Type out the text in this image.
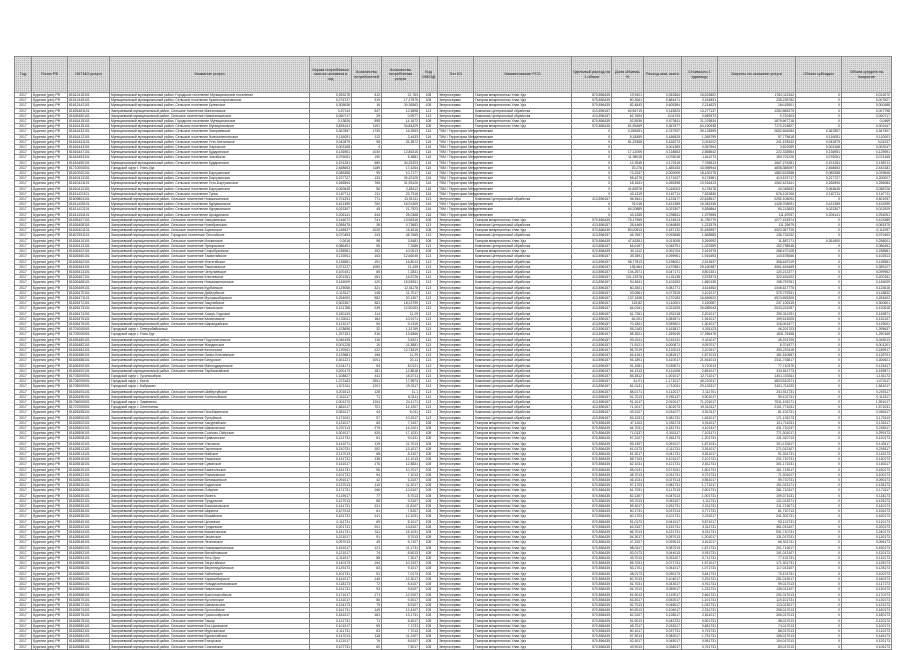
Год	Почта РФ	ОКТМО услуги	Название услуги	Норма потребления газа на человека в год	Количество потребителей	Количество потребления услуги	Код ОКВЭД	Тип КЭ	Наименование РСО	Удельный расход на 1 объем	Доля объема, %	Расход газа, всего	Стоимость 1 единицы	Затраты на оказание услуги	Объем субсидии	Объем средств на покрытие
2017	Бурятия (рес) РФ	81612415101	Муниципальный муниципальный район, Городское поселение Муниципальное поселение	0,253278	512	21,763	108	Энергосервис	Газпром межрегионгаз Улан-Удэ	870,856435	19,9421	0,352564	15,523802	1764,112342	0	0,013070
2017	Бурятия (рес) РФ	81612445101	Муниципальный муниципальный район, Сельское поселение Краснопартизанское	0,276727	319	17,27875	108	Энергосервис	Газпром межрегионгаз Улан-Удэ	575,856435	80,3061	0,884471	3,164831	235,225782	0	0,007827
2017	Бурятия (рес) РФ	81612442101	Муниципальный муниципальный район, Сельское поселение Кулинское	0,305636	16	30,36563	108	Энергосервис	Газпром межрегионгаз Улан-Удэ	570,856435	82,4843	0,605384	2,214623	164,62601	0	0,000488
2017	Бурятия (рес) РФ	81626481101	Заиграевский муниципальный район, Сельское поселение Малоновское	0,20744	547	12,5898	113	Энергосервис	Компания Центральный обработка	413,896157	60,56719	0,145523	13,277137	1252,585379	0	0,007798
2017	Бурятия (рес) РФ	81626482101	Заиграевский муниципальный район, Сельское поселение Нижнеильинское	0,060717	29	0,9977	113	Энергосервис	Компания Центральный обработка	413,896157	62,7694	0,04703	0,699373	0,720403	0	0,000717
2017	Бурятия (рес) РФ	81616415101	Муниципальный муниципальный район, Городское поселение Муниципальное	0,13826	898	14,1672	108	Энергосервис	Газпром межрегионгаз Улан-Удэ	870,856435	52,5536	0,573611	21,376834	1879,667718	0	0,0469
2017	Бурятия (рес) РФ	81616415101	Муниципальный муниципальный район, Сельское поселение Муниципальное	0,835141	1191	34,84329	108	Энергосервис	Газпром межрегионгаз Улан-Удэ	570,856435	61,95469	0,367677	54,150938	7170,215827	0	0,002447
2017	Бурятия (рес) РФ	81616432101	Муниципальный муниципальный район, Сельское поселение Заиграевское	0,367857	1730	16,3593	116	ТКМ / Территории Менделеевские		0	0,258451	0,767937	35,133599	2652,606284	0,367857	0,347907
2017	Бурятия (рес) РФ	81616412101	Муниципальный муниципальный район, Сельское поселение Новоселенгинское	0,116051	112	2,4433	116	ТКМ / Территории Менделеевские		0	5,18459	0,166525	1,268799	57,775618	0,116051	0,110001
2017	Бурятия (рес) РФ	81616441101	Муниципальный муниципальный район, Сельское поселение Усть-Кяхтинское	0,042879	98	34,3872	116	ТКМ / Территории Менделеевские		0	61,29358	0,426273	2,024022	241,578432	0,042879	0,04237
2017	Бурятия (рес) РФ	81616443101	Муниципальный муниципальный район, Сельское поселение Харьяское	0,003168	4		116	ТКМ / Территории Менделеевские		0		0,001369	0,057504	3,622059	0,003168	0,003247
2017	Бурятия (рес) РФ	81616447101	Муниципальный муниципальный район, Сельское поселение Кударинское	0,136951	1030	12,86315	116	ТКМ / Территории Менделеевские		0	17,12009	0,118653	2,558642	222,333954	0,136951	0,129591
2017	Бурятия (рес) РФ	81616453101	Муниципальный муниципальный район, Сельское поселение Чикойское	0,076051	190	8,3881	116	ТКМ / Территории Менделеевские		0	11,98018	0,076018	1,611273	183,701226	0,076051	0,074165
2017	Бурятия (рес) РФ	81616450101	Муниципальный муниципальный район, Сельское поселение Кударинское	0,191281	580	34,25323	116	ТКМ / Территории Менделеевские		0	12,2545	0,170115	7,768513	1667,276281	0,191281	0,158711
2017	Бурятия (рес) РФ	81710000001	Городской округ г. Улан-Удэ	2,468653	1189	17,4264	116	ТКМ / Территории Менделеевские		0	20,276	1,485153	43,989944	4808,388097	2,468653	2,443181
2017	Бурятия (рес) РФ	81610000101	Муниципальный муниципальный район, Сельское поселение Баргузинское	0,085358	99	10,7177	116	ТКМ / Территории Менделеевские		0	73,2337	0,000009	18,430178	1882,615958	0,085358	0,029846
2017	Бурятия (рес) РФ	81610413101	Муниципальный муниципальный район, Сельское поселение Баргузинское	0,227727	133	30,20125	116	ТКМ / Территории Менделеевские		0	98,4275	0,171027	5,174981	413,674717	0,227727	0,200027
2017	Бурятия (рес) РФ	81610421101	Муниципальный муниципальный район, Сельское поселение Усть-Баргузинское	0,266594	765	31,95126	116	ТКМ / Территории Менделеевские		0	18,1541	0,265398	10,916413	1062,423441	0,266594	0,256084
2017	Бурятия (рес) РФ	81610412101	Муниципальный муниципальный район, Сельское поселение Баргузинское	0,063645	56	2,85112	116	ТКМ / Территории Менделеевские		0	41,89978	0,016003	0,178478	40,045632	0,063645	0,058726
2017	Бурятия (рес) РФ	81611421101	Муниципальный муниципальный район, Сельское поселение Тунка	0,167711	211	23,7316	116	ТКМ / Территории Менделеевские		0	43,1319	0,167711	7,533836	676,104766	0,167711	0,167711
2017	Бурятия (рес) РФ	81609804101	Заиграевский муниципальный район, Сельское поселение Новоильинское	0,701291	771	13,91211	113	Энергосервис	Компания Центральный обработка	413,896157	56,5611	0,122677	22,828517	2250,108094	0	0,501097
2017	Бурятия (рес) РФ	81611425101	Муниципальный муниципальный район, Сельское поселение Курумканское	0,421359	760	16,91309	116	ТКМ / Территории Менделеевские		0	76,018	0,421359	15,381335	1428,708091	0,421359	0,419299
2017	Бурятия (рес) РФ	81611412101	Муниципальный муниципальный район, Сельское поселение Курумканское	0,023307	45	21,7923	116	ТКМ / Территории Менделеевские		0	64,20889	0,023307	0,836864	80,213833	0,023307	0,022929
2017	Бурятия (рес) РФ	81611434101	Муниципальный муниципальный район, Сельское поселение Аргадинское	0,206141	444	25,0368	116	ТКМ / Территории Менделеевские		0	43,1265	0,298511	1,379955	111,67097	0,206141	0,254051
2017	Бурятия (рес) РФ	81626407101	Заиграевский муниципальный район, Сельское поселение Заиграевское	0,146072	741	13,96316	108	Энергосервис	Газпром межрегионгаз Улан-Удэ	570,856435	75,17965	0,124513	11,789779	1077,193374	0	0,103389
2017	Бурятия (рес) РФ	81626408101	Заиграевский муниципальный район, Сельское поселение Новобрянское	0,088475	38	4,73653	113	Энергосервис	Компания Центральный обработка	413,896157	28,4465	0,046859	1,223379	111,29679	0	0,083375
2017	Бурятия (рес) РФ	81626401101	Заиграевский муниципальный район, Сельское поселение Ацагатское	0,148927	1025	16,8116	108	Энергосервис	Газпром межрегионгаз Улан-Удэ	570,856435	80,00813	0,187132	31,653957	4003,357725	0	0,111097
2017	Бурятия (рес) РФ	81607551101	Заиграевский муниципальный район, Городское поселение Онохойское	0,070493	143	48,7665	113	Энергосервис	Компания Центральный обработка	413,896157	46,7697	0,093658	1,568585	136,731232	0	0,070493
2017	Бурятия (рес) РФ	81626410101	Заиграевский муниципальный район, Сельское поселение Илькинское	0,2616	98	3,5481	108	Энергосервис	Газпром межрегионгаз Улан-Удэ	570,856435	47,53351	0,013008	0,269092	11,887171	0,261600	0,258001
2017	Бурятия (рес) РФ	81626413101	Заиграевский муниципальный район, Сельское поселение Эрхирикское	0,086451	55	7,3486	113	Энергосервис	Компания Центральный обработка	413,896157	64,6157	0,048791	1,023359	152,798548	0	0,086451
2017	Бурятия (рес) РФ	81626402101	Заиграевский муниципальный район, Сельское поселение Старобрянское	0,238981	152	10,0513	108	Энергосервис	Газпром межрегионгаз Улан-Удэ	570,856435	30,1112	0,092704	2,161975	268,470128	0	0,238981
2017	Бурятия (рес) РФ	81626460101	Заиграевский муниципальный район, Сельское поселение Тамахтайское	0,103911	153	12,66045	113	Энергосервис	Компания Центральный обработка	413,896157	39,3591	0,099961	1,916493	143,678066	0	0,102513
2017	Бурятия (рес) РФ	81626462101	Заиграевский муниципальный район, Сельское поселение Унэгэтэйское	0,135551	191	16,8013	113	Энергосервис	Компания Центральный обработка	413,896157	58,77813	0,198001	2,913637	308,467219	0	0,135551
2017	Бурятия (рес) РФ	81626464101	Заиграевский муниципальный район, Сельское поселение Ташеланское	0,371227	1050	21,435	113	Энергосервис	Компания Центральный обработка	413,896157	135,564	0,470581	25,160387	3061,616465	0	0,359127
2017	Бурятия (рес) РФ	81626413101	Заиграевский муниципальный район, Сельское поселение Челутаевское	0,100151	65	7,2831	113	Энергосервис	Компания Центральный обработка	413,896157	104,2571	0,047171	0,801301	120,212377	0	0,099952
2017	Бурятия (рес) РФ	81626467101	Заиграевский муниципальный район, Сельское поселение Ключевское	0,201261	181	14,5726	113	Энергосервис	Компания Центральный обработка	413,896157	101,47678	0,101138	2,578373	320,461002	0	0,200151
2017	Бурятия (рес) РФ	81626468101	Заиграевский муниципальный район, Сельское поселение Новокижингинское	0,145009	120	15,53931	113	Энергосервис	Компания Центральный обработка	413,896157	54,5611	0,102053	1,650135	198,757051	0	0,145009
2017	Бурятия (рес) РФ	81626469101	Заиграевский муниципальный район, Сельское поселение Курбинское	0,125056	321	12,01178	113	Энергосервис	Компания Центральный обработка	413,896157	60,2601	0,081771	3,514553	1045,617775	0	0,123616
2017	Бурятия (рес) РФ	81626470101	Заиграевский муниципальный район, Сельское поселение Дабатуйское	0,119117	148	11,7017	113	Энергосервис	Компания Центральный обработка	413,896157	33,0961	0,077619	2,101217	379,797531	0	0,118832
2017	Бурятия (рес) РФ	81626471101	Заиграевский муниципальный район, Сельское поселение Мухоршибирское	0,254000	582	20,1307	113	Энергосервис	Компания Центральный обработка	413,896157	137,2408	0,270183	16,846922	4913,695305	0	0,253402
2017	Бурятия (рес) РФ	81626472101	Заиграевский муниципальный район, Сельское поселение Закулейское	0,302367	381	18,23799	113	Энергосервис	Компания Центральный обработка	413,896157	115,82	0,110001	2,150087	237,100315	0	0,300601
2017	Бурятия (рес) РФ	81626473101	Заиграевский муниципальный район, Сельское поселение Никольское	0,121788	239	12,50153	113	Энергосервис	Компания Центральный обработка	413,896157	64,0161	0,021525	26,689043	2043,231057	0	0,120518
2017	Бурятия (рес) РФ	81626474101	Заиграевский муниципальный район, Сельское поселение Хошун-Узурское	0,150133	114	11,29	113	Энергосервис	Компания Центральный обработка	413,896157	61,7261	0,092118	2,201017	250,311291	0	0,149871
2017	Бурятия (рес) РФ	81626475101	Заиграевский муниципальный район, Сельское поселение Калиновское	0,133011	184	10,9171	113	Энергосервис	Компания Центральный обработка	413,896157	62,001	0,083571	1,941017	199,513005	0	0,132107
2017	Бурятия (рес) РФ	81626476101	Заиграевский муниципальный район, Сельское поселение Шаралдайское	0,121017	94	9,1315	113	Энергосервис	Компания Центральный обработка	413,896157	70,1801	0,059521	1,301017	116,001577	0	0,119001
2017	Бурятия (рес) РФ	81701000001	Городской округ г. Северобайкальск	1,478698	32	1,31769	113	Энергосервис	Компания Центральный обработка	413,896157	55,2163	0,163817	0,301123	46,201703	0	1,399637
2017	Бурятия (рес) РФ	81702000001	Городской округ г. Улан-Удэ	1,297151	316	13,6566	113	Энергосервис	Компания Центральный обработка	413,896157	58,3521	1,269049	17,356476	1831,76458	0	1,290165
2017	Бурятия (рес) РФ	81626480101	Заиграевский муниципальный район, Сельское поселение Подлопатинское	0,046195	116	3,5421	113	Энергосервис	Компания Центральный обработка	413,896157	50,2411	0,016131	0,411017	45,201705	0	0,045013
2017	Бурятия (рес) РФ	81626482101	Заиграевский муниципальный район, Сельское поселение Жиндинское	0,001228	10	11,3881	113	Энергосервис	Компания Центральный обработка	413,896157	71,9121	0,000871	0,097017	8,701577	0	0,001201
2017	Бурятия (рес) РФ	81626484101	Заиграевский муниципальный район, Сельское поселение Кяхтинское	0,190911	122	12,74819	113	Энергосервис	Компания Центральный обработка	413,896157	56,7019	0,120013	2,101517	250,203118	0	0,189917
2017	Бурятия (рес) РФ	81626486101	Заиграевский муниципальный район, Сельское поселение Окино-Ключевское	0,129681	156	11,29	113	Энергосервис	Компания Центральный обработка	413,896157	64,4161	0,081517	1,871013	181,510557	0	0,128701
2017	Бурятия (рес) РФ	81626488101	Заиграевский муниципальный район, Сельское поселение Бичурское	0,301221	1001	20,11	113	Энергосервис	Компания Центральный обработка	413,896157	94,1891	0,410017	21,561013	2311,703817	0	0,300621
2017	Бурятия (рес) РФ	81626490101	Заиграевский муниципальный район, Сельское поселение Малокударинское	0,124171	54	8,0121	113	Энергосервис	Компания Центральный обработка	413,896157	51,1081	0,039071	0,710013	77,710375	0	0,123417
2017	Бурятия (рес) РФ	81626492101	Заиграевский муниципальный район, Сельское поселение Тарбагатайское	0,200173	181	12,8818	113	Энергосервис	Компания Центральный обработка	413,896157	54,1313	0,131008	2,891017	310,511773	0	0,199871
2017	Бурятия (рес) РФ	81703000001	Городской округ г. Гусиноозёрск	1,108627	411	16,0711	113	Энергосервис	Компания Центральный обработка	413,896157	65,2812	1,001017	12,711017	1401,103311	0	1,101173
2017	Бурятия (рес) РФ	81704000001	Городской округ г. Кяхта	1,073163	2501	17,9873	113	Энергосервис	Компания Центральный обработка	413,896157	61,01	1,171017	45,210017	4803,510371	0	1,070117
2017	Бурятия (рес) РФ	81705000001	Городской округ г. Бабушкин	1,571011	1201	19,3117	113	Энергосервис	Компания Центральный обработка	413,896157	81,0131	1,710011	29,102317	3101,711033	0	1,561017
2017	Бурятия (рес) РФ	81626494101	Заиграевский муниципальный район, Сельское поселение Шибертуйское	0,201513	128	11,1	113	Энергосервис	Компания Центральный обработка	413,896157	58,0171	0,112017	2,111701	241,511731	0	0,200117
2017	Бурятия (рес) РФ	81626496101	Заиграевский муниципальный район, Сельское поселение Хонхолойское	0,111017	71	8,3111	113	Энергосервис	Компания Центральный обработка	413,896157	51,7013	0,051137	0,901017	99,101731	0	0,110117
2017	Бурятия (рес) РФ	81706000001	Городской округ г. Закаменск	2,001273	1911	24,1171	113	Энергосервис	Компания Центральный обработка	413,896157	91,1017	2,010017	71,201017	7511,103171	0	1,991017
2017	Бурятия (рес) РФ	81707000001	Городской округ г. Селенгинск	1,581017	701	14,1007	113	Энергосервис	Компания Центральный обработка	413,896157	71,2017	1,501073	19,310117	2101,771031	0	1,571031
2017	Бурятия (рес) РФ	81626498101	Заиграевский муниципальный район, Сельское поселение Гильбиринское	0,081017	44	6,011	113	Энергосервис	Компания Центральный обработка	413,896157	49,3107	0,031077	0,510117	61,101731	0	0,080117
2017	Бурятия (рес) РФ	81626500101	Заиграевский муниципальный район, Сельское поселение Тугнуйское	0,171031	97	10,2017	113	Энергосервис	Компания Центральный обработка	413,896157	53,1031	0,081731	1,631017	171,103173	0	0,170113
2017	Бурятия (рес) РФ	81626502101	Заиграевский муниципальный район, Сельское поселение Хасуртайское	0,131017	60	7,3107	108	Энергосервис	Газпром межрегионгаз Улан-Удэ	570,856435	47,1103	0,051173	0,911017	101,711031	0	0,130117
2017	Бурятия (рес) РФ	81626504101	Заиграевский муниципальный район, Сельское поселение Шанагинское	0,207113	275	14,3101	108	Энергосервис	Газпром межрегионгаз Улан-Удэ	570,856435	64,7031	0,181731	4,101317	431,710137	0	0,205117
2017	Бурятия (рес) РФ	81626506101	Заиграевский муниципальный район, Сельское поселение Сосново-Озёрское	0,301017	420	17,1031	108	Энергосервис	Газпром межрегионгаз Улан-Удэ	570,856435	71,0137	0,301117	7,103171	771,301017	0	0,299173
2017	Бурятия (рес) РФ	81626508101	Заиграевский муниципальный район, Сельское поселение Еравнинское	0,121731	81	9,0131	108	Энергосервис	Газпром межрегионгаз Улан-Удэ	570,856435	57,3107	0,061173	1,201731	131,010713	0	0,120173
2017	Бурятия (рес) РФ	81626510101	Заиграевский муниципальный район, Сельское поселение Улюнское	0,141071	119	11,7013	108	Энергосервис	Газпром межрегионгаз Улан-Удэ	570,856435	59,1307	0,091017	1,871031	201,103117	0	0,140117
2017	Бурятия (рес) РФ	81626512101	Заиграевский муниципальный район, Сельское поселение Гаргинское	0,210731	152	13,1017	108	Энергосервис	Газпром межрегионгаз Улан-Удэ	570,856435	61,0173	0,111731	2,511017	271,013107	0	0,209117
2017	Бурятия (рес) РФ	81626514101	Заиграевский муниципальный район, Сельское поселение Майское	0,117013	68	8,3107	108	Энергосервис	Газпром межрегионгаз Улан-Удэ	570,856435	51,3017	0,041731	0,811017	91,301731	0	0,116173
2017	Бурятия (рес) РФ	81626516101	Заиграевский муниципальный район, Сельское поселение Уаканское	0,131731	138	12,1013	108	Энергосервис	Газпром межрегионгаз Улан-Удэ	570,856435	58,7103	0,101017	2,101731	231,710731	0	0,130173
2017	Бурятия (рес) РФ	81626518101	Заиграевский муниципальный район, Сельское поселение Сувинское	0,161017	176	12,8831	108	Энергосервис	Газпром межрегионгаз Улан-Удэ	570,856435	62,1031	0,121731	2,811731	301,171031	0	0,160117
2017	Бурятия (рес) РФ	81626520101	Заиграевский муниципальный район, Сельское поселение Баянгольское	0,151731	96	10,7017	108	Энергосервис	Газпром межрегионгаз Улан-Удэ	570,856435	55,0131	0,071031	1,501731	161,713017	0	0,150173
2017	Бурятия (рес) РФ	81626522101	Заиграевский муниципальный район, Сельское поселение Романовское	0,101731	54	7,1013	108	Энергосервис	Газпром межрегионгаз Улан-Удэ	570,856435	48,7013	0,031731	0,701731	71,301017	0	0,100173
2017	Бурятия (рес) РФ	81626524101	Заиграевский муниципальный район, Сельское поселение Витимканское	0,091017	42	6,3107	108	Энергосервис	Газпром межрегионгаз Улан-Удэ	570,856435	46,1031	0,027013	0,551017	59,710731	0	0,090173
2017	Бурятия (рес) РФ	81626526101	Заиграевский муниципальный район, Сельское поселение Бодонское	0,137013	110	11,3017	108	Энергосервис	Газпром межрегионгаз Улан-Удэ	570,856435	57,1703	0,081731	1,771017	191,013171	0	0,136173
2017	Бурятия (рес) РФ	81626528101	Заиграевский муниципальный район, Сельское поселение Озёрное	0,171731	166	12,6107	108	Энергосервис	Газпром межрегионгаз Улан-Удэ	570,856435	61,7031	0,117013	2,601731	281,710317	0	0,170117
2017	Бурятия (рес) РФ	81626530101	Заиграевский муниципальный район, Сельское поселение Исинга	0,119017	77	8,7013	108	Энергосервис	Газпром межрегионгаз Улан-Удэ	570,856435	52,1307	0,047013	1,001731	109,371031	0	0,118173
2017	Бурятия (рес) РФ	81626532101	Заиграевский муниципальный район, Сельское поселение Тулдунское	0,127013	88	9,3107	108	Энергосервис	Газпром межрегионгаз Улан-Удэ	570,856435	53,7013	0,053107	1,111731	121,013071	0	0,126173
2017	Бурятия (рес) РФ	81626534101	Заиграевский муниципальный район, Сельское поселение Комсомольское	0,141731	131	11,8107	108	Энергосервис	Газпром межрегионгаз Улан-Удэ	570,856435	59,3017	0,091731	2,011731	211,713071	0	0,140173
2017	Бурятия (рес) РФ	81626536101	Заиграевский муниципальный район, Сельское поселение Ширинга	0,107013	61	7,8107	108	Энергосервис	Газпром межрегионгаз Улан-Удэ	570,856435	50,1731	0,037013	0,771731	81,710713	0	0,106173
2017	Бурятия (рес) РФ	81626538101	Заиграевский муниципальный район, Сельское поселение Можайское	0,161731	141	12,1031	108	Энергосервис	Газпром межрегионгаз Улан-Удэ	570,856435	60,1703	0,101731	2,231017	241,301731	0	0,160173
2017	Бурятия (рес) РФ	81626540101	Заиграевский муниципальный район, Сельское поселение Целинное	0,111731	69	8,1017	108	Энергосервис	Газпром межрегионгаз Улан-Удэ	570,856435	51,0173	0,041017	0,871017	93,101731	0	0,110173
2017	Бурятия (рес) РФ	81626542101	Заиграевский муниципальный район, Сельское поселение Гундинское	0,201731	201	13,8107	108	Энергосервис	Газпром межрегионгаз Улан-Удэ	570,856435	63,3107	0,151731	3,311731	361,013107	0	0,200173
2017	Бурятия (рес) РФ	81626544101	Заиграевский муниципальный район, Сельское поселение Кижингинское	0,241731	311	15,1031	108	Энергосервис	Газпром межрегионгаз Улан-Удэ	570,856435	66,7013	0,221731	5,011731	531,710731	0	0,240173
2017	Бурятия (рес) РФ	81626546101	Заиграевский муниципальный район, Сельское поселение Чесанское	0,131017	91	9,7013	108	Энергосервис	Газпром межрегионгаз Улан-Удэ	570,856435	54,3017	0,057013	1,201017	131,017031	0	0,130173
2017	Бурятия (рес) РФ	81626548101	Заиграевский муниципальный район, Сельское поселение Леоновское	0,097013	49	6,7107	108	Энергосервис	Газпром межрегионгаз Улан-Удэ	570,856435	47,3107	0,029013	0,611017	66,301731	0	0,096173
2017	Бурятия (рес) РФ	81626550101	Заиграевский муниципальный район, Сельское поселение Новокижингинское	0,151017	121	11,1731	108	Энергосервис	Газпром межрегионгаз Улан-Удэ	570,856435	58,0317	0,087013	1,871731	201,713017	0	0,150173
2017	Бурятия (рес) РФ	81626552101	Заиграевский муниципальный район, Сельское поселение Михайловское	0,121017	74	8,5013	108	Энергосервис	Газпром межрегионгаз Улан-Удэ	570,856435	52,0173	0,044013	0,931731	101,013107	0	0,120173
2017	Бурятия (рес) РФ	81626554101	Заиграевский муниципальный район, Сельское поселение Усть-Орот	0,111017	58	7,3017	108	Энергосервис	Газпром межрегионгаз Улан-Удэ	570,856435	49,7013	0,033107	0,711731	77,101731	0	0,110173
2017	Бурятия (рес) РФ	81626556101	Заиграевский муниципальный район, Сельское поселение Загустайское	0,140173	104	10,3107	108	Энергосервис	Газпром межрегионгаз Улан-Удэ	570,856435	55,7031	0,071731	1,571017	171,301731	0	0,139173
2017	Бурятия (рес) РФ	81626558101	Заиграевский муниципальный район, Сельское поселение Верхнекурбинское	0,129173	83	9,1017	108	Энергосервис	Газпром межрегионгаз Улан-Удэ	570,856435	53,1701	0,051017	1,071731	117,013107	0	0,128173
2017	Бурятия (рес) РФ	81626560101	Заиграевский муниципальный район, Сельское поселение Хайтинское	0,101731	51	7,0173	108	Энергосервис	Газпром межрегионгаз Улан-Удэ	570,856435	48,0173	0,030173	0,641731	70,101731	0	0,100173
2017	Бурятия (рес) РФ	81626562101	Заиграевский муниципальный район, Сельское поселение Харашибирское	0,161017	146	12,3017	108	Энергосервис	Газпром межрегионгаз Улан-Удэ	570,856435	60,7013	0,104017	2,291731	251,013017	0	0,160173
2017	Бурятия (рес) РФ	81626564101	Заиграевский муниципальный район, Сельское поселение Новодесятниковское	0,118173	72	8,4107	108	Энергосервис	Газпром межрегионгаз Улан-Удэ	570,856435	51,7031	0,043017	0,911731	99,017013	0	0,117173
2017	Бурятия (рес) РФ	81626566101	Заиграевский муниципальный район, Сельское поселение Никольское	0,131731	93	9,8107	108	Энергосервис	Газпром межрегионгаз Улан-Удэ	570,856435	54,7013	0,059017	1,231731	135,013107	0	0,130173
2017	Бурятия (рес) РФ	81626568101	Заиграевский муниципальный район, Сельское поселение Красночикойское	0,171017	171	12,9107	108	Энергосервис	Газпром межрегионгаз Улан-Удэ	570,856435	61,9013	0,119017	2,661731	291,017013	0	0,170173
2017	Бурятия (рес) РФ	81626570101	Заиграевский муниципальный район, Сельское поселение Кусотинское	0,131017	86	9,3017	108	Энергосервис	Газпром межрегионгаз Улан-Удэ	570,856435	53,3017	0,052017	1,101731	119,101731	0	0,130173
2017	Бурятия (рес) РФ	81626572101	Заиграевский муниципальный район, Сельское поселение Шанагинское	0,124173	79	8,9107	108	Энергосервис	Газпром межрегионгаз Улан-Удэ	570,856435	52,7013	0,048017	1,031731	113,013017	0	0,123173
2017	Бурятия (рес) РФ	81626574101	Заиграевский муниципальный район, Сельское поселение Оронгойское	0,161731	149	12,4107	108	Энергосервис	Газпром межрегионгаз Улан-Удэ	570,856435	60,9013	0,106017	2,331731	255,017013	0	0,160173
2017	Бурятия (рес) РФ	81626576101	Заиграевский муниципальный район, Сельское поселение Гусиноозёрское	0,181017	181	13,1731	108	Энергосервис	Газпром межрегионгаз Улан-Удэ	570,856435	62,3107	0,128017	2,811017	306,017013	0	0,180173
2017	Бурятия (рес) РФ	81626578101	Заиграевский муниципальный район, Сельское поселение Ташир	0,121731	71	8,4017	108	Энергосервис	Газпром межрегионгаз Улан-Удэ	570,856435	51,9013	0,043731	0,901731	98,017013	0	0,120173
2017	Бурятия (рес) РФ	81626580101	Заиграевский муниципальный район, Сельское поселение Ехэ-Цаганское	0,101017	55	7,1731	108	Энергосервис	Газпром межрегионгаз Улан-Удэ	570,856435	48,7017	0,032017	0,681731	74,017013	0	0,100173
2017	Бурятия (рес) РФ	81626582101	Заиграевский муниципальный район, Сельское поселение Мурочинское	0,111731	63	7,7013	108	Энергосервис	Газпром межрегионгаз Улан-Удэ	570,856435	50,1017	0,037731	0,791731	86,017013	0	0,110173
2017	Бурятия (рес) РФ	81626584101	Заиграевский муниципальный район, Сельское поселение Бургастайское	0,147013	118	11,3107	108	Энергосервис	Газпром межрегионгаз Улан-Удэ	570,856435	57,9013	0,082017	1,791731	195,017013	0	0,146173
2017	Бурятия (рес) РФ	81626586101	Заиграевский муниципальный район, Сельское поселение Енхорское	0,121017	76	8,6107	108	Энергосервис	Газпром межрегионгаз Улан-Удэ	570,856435	52,3017	0,045017	0,951731	104,017013	0	0,120173
2017	Бурятия (рес) РФ	81626588101	Заиграевский муниципальный район, Сельское поселение Сосновское	0,107731	60	7,5017	108	Энергосервис	Газпром межрегионгаз Улан-Удэ	570,856435	49,9013	0,036017	0,761731	83,017013	0	0,106173
